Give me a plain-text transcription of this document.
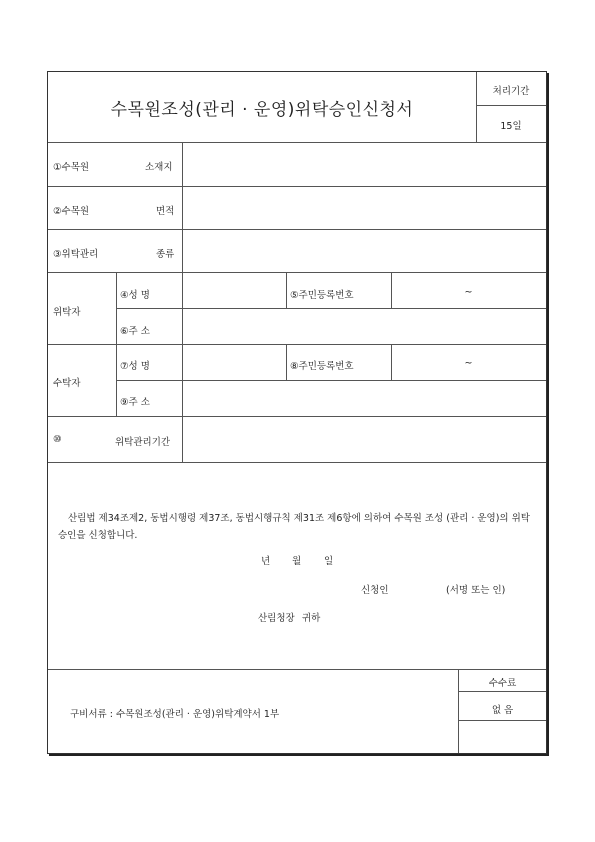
수목원조성(관리 · 운영)위탁승인신청서
처리기간
15일
①수목원	소재지
②수목원	면적
③위탁관리	종류
위탁자
④성 명	⑤주민등록번호	~
⑥주 소
수탁자
⑦성 명	⑧주민등록번호	~
⑨주 소
⑩	위탁관리기간
산림법 제34조제2, 동법시행령 제37조, 동법시행규칙 제31조 제6항에 의하여 수목원 조성 (관리 · 운영)의 위탁승인을 신청합니다.
년 월 일
신청인	(서명 또는 인)
산림청장 귀하
수수료
없 음
구비서류 : 수목원조성(관리 · 운영)위탁계약서 1부
